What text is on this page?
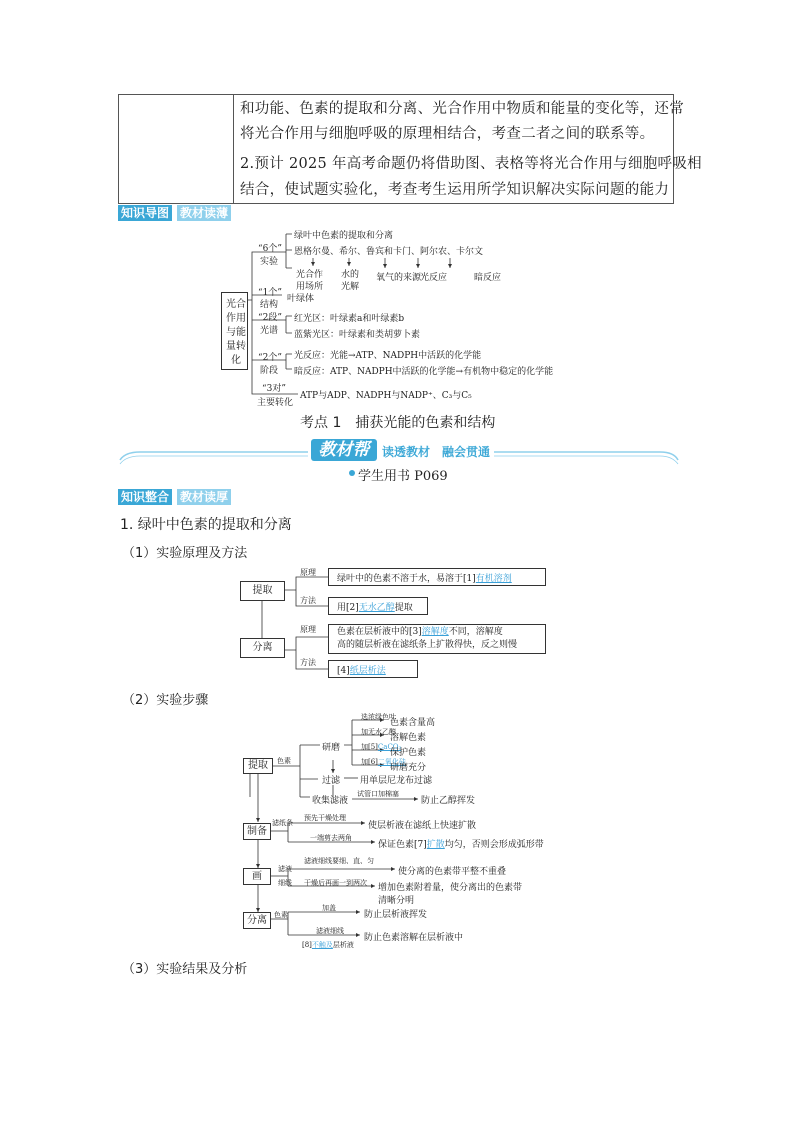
和功能、色素的提取和分离、光合作用中物质和能量的变化等，还常
将光合作用与细胞呼吸的原理相结合，考查二者之间的联系等。
2.预计 2025 年高考命题仍将借助图、表格等将光合作用与细胞呼吸相
结合，使试题实验化，考查考生运用所学知识解决实际问题的能力
知识导图 教材读薄
光合
作用
与能
量转
化
“6个”
实验
绿叶中色素的提取和分离
恩格尔曼、希尔、鲁宾和卡门、阿尔农、卡尔文
光合作
用场所
水的
光解
氧气的来源
光反应	暗反应
“1个”
结构
叶绿体
“2段”
光谱
红光区：叶绿素a和叶绿素b
蓝紫光区：叶绿素和类胡萝卜素
“2个”
阶段
光反应：光能→ATP、NADPH中活跃的化学能
暗反应：ATP、NADPH中活跃的化学能→有机物中稳定的化学能
“3对”
主要转化
ATP与ADP、NADPH与NADP⁺、C₃与C₅
考点 1　捕获光能的色素和结构
教材帮	读透教材　融会贯通
学生用书 P069
知识整合 教材读厚
1. 绿叶中色素的提取和分离
（1）实验原理及方法
提取
分离
原理
方法
原理
方法
绿叶中的色素不溶于水，易溶于[1]有机溶剂
用[2]无水乙醇提取
色素在层析液中的[3]溶解度不同，溶解度
高的随层析液在滤纸条上扩散得快，反之则慢
[4]纸层析法
（2）实验步骤
提取	色素
研磨
选浓绿色叶
色素含量高
加无水乙醇
溶解色素
加[5]CaCO₃
保护色素
加[6]二氧化硅
研磨充分
过滤 用单层尼龙布过滤
收集滤液
试管口加棉塞
防止乙醇挥发
制备
滤纸条
预先干燥处理
使层析液在滤纸上快速扩散
一端剪去两角
保证色素[7]扩散均匀，否则会形成弧形带
画
滤液
细线
滤液细线要细、直、匀
使分离的色素带平整不重叠
干燥后再画一到两次 增加色素附着量，使分离出的色素带
清晰分明
分离	色素
加盖
防止层析液挥发
滤液细线
防止色素溶解在层析液中
[8]不触及层析液
（3）实验结果及分析
